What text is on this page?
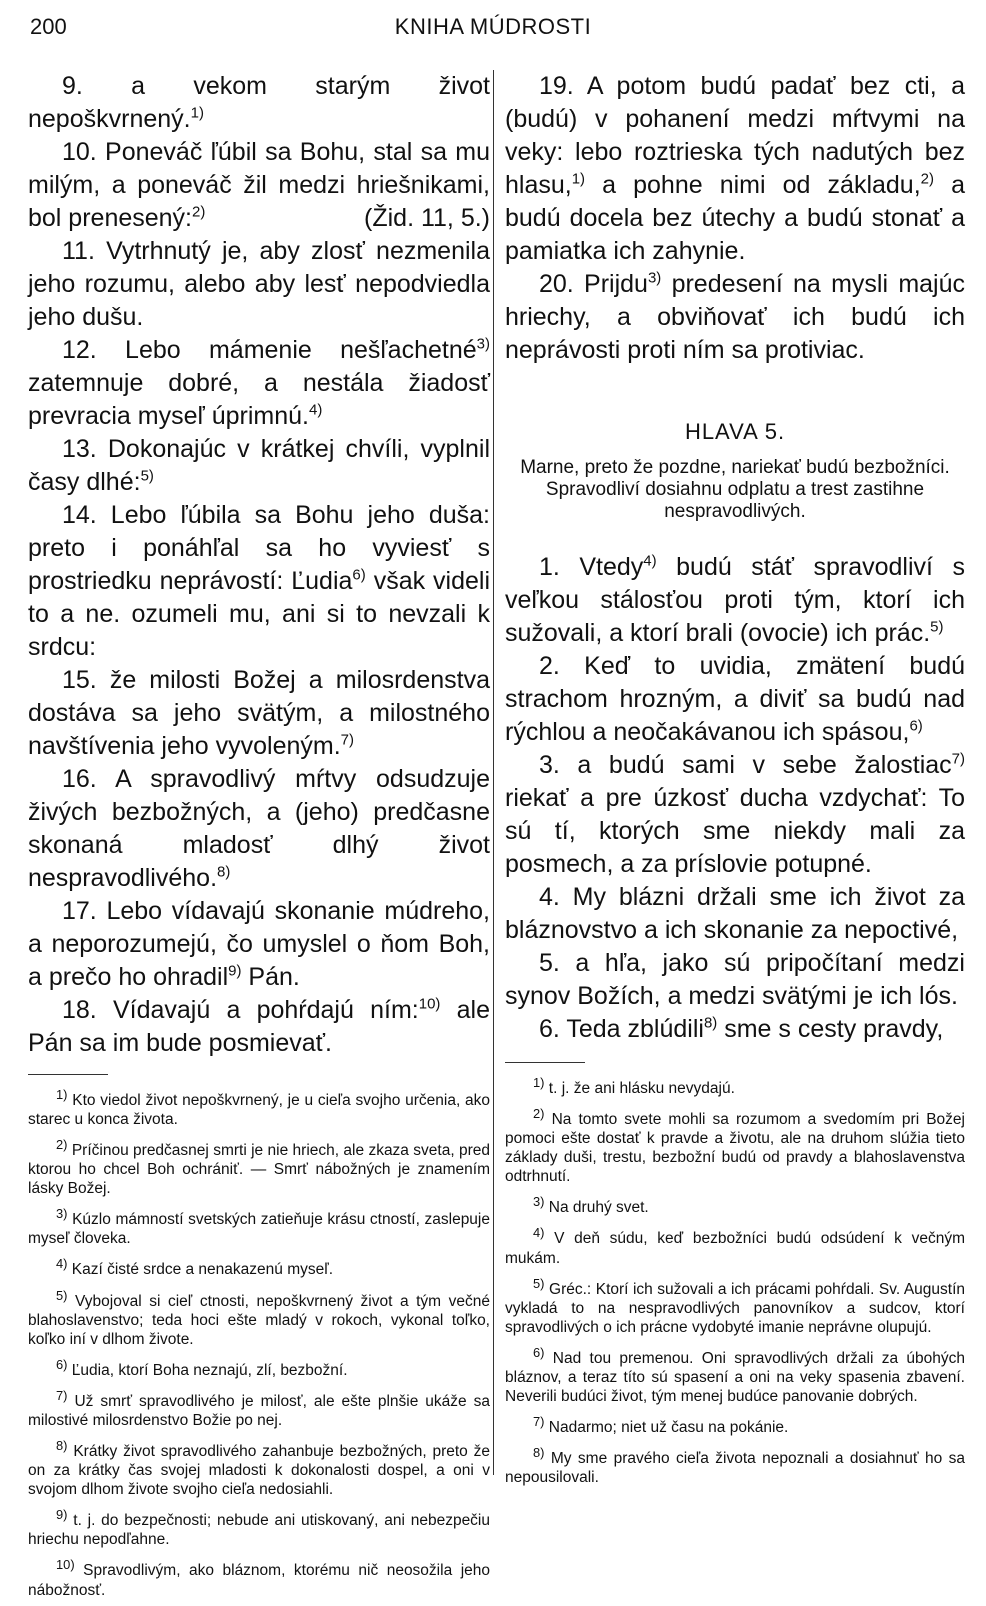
200	KNIHA MÚDROSTI

9. a vekom starým život nepoškvrnený.$^{1)}$

10. Poneváč ľúbil sa Bohu, stal sa mu milým, a poneváč žil medzi hriešnikami, bol prenesený:$^{2)}$	(Žid. 11, 5.)

11. Vytrhnutý je, aby zlosť nezmenila jeho rozumu, alebo aby lesť nepodviedla jeho dušu.

12. Lebo mámenie nešľachetné$^{3)}$ zatemnuje dobré, a nestála žiadosť prevracia myseľ úprimnú.$^{4)}$

13. Dokonajúc v krátkej chvíli, vyplnil časy dlhé:$^{5)}$

14. Lebo ľúbila sa Bohu jeho duša: preto i ponáhľal sa ho vyviesť s prostriedku neprávostí: Ľudia$^{6)}$ však videli to a ne. ozumeli mu, ani si to nevzali k srdcu:

15. že milosti Božej a milosrdenstva dostáva sa jeho svätým, a milostného navštívenia jeho vyvoleným.$^{7)}$

16. A spravodlivý mŕtvy odsudzuje živých bezbožných, a (jeho) predčasne skonaná mladosť dlhý život nespravodlivého.$^{8)}$

17. Lebo vídavajú skonanie múdreho, a neporozumejú, čo umyslel o ňom Boh, a prečo ho ohradil$^{9)}$ Pán.

18. Vídavajú a pohŕdajú ním:$^{10)}$ ale Pán sa im bude posmievať.

$^{1)}$ Kto viedol život nepoškvrnený, je u cieľa svojho určenia, ako starec u konca života.

$^{2)}$ Príčinou predčasnej smrti je nie hriech, ale zkaza sveta, pred ktorou ho chcel Boh ochrániť. — Smrť nábožných je znamením lásky Božej.

$^{3)}$ Kúzlo mámností svetských zatieňuje krásu ctností, zaslepuje myseľ človeka.

$^{4)}$ Kazí čisté srdce a nenakazenú myseľ.

$^{5)}$ Vybojoval si cieľ ctnosti, nepoškvrnený život a tým večné blahoslavenstvo; teda hoci ešte mladý v rokoch, vykonal toľko, koľko iní v dlhom živote.

$^{6)}$ Ľudia, ktorí Boha neznajú, zlí, bezbožní.

$^{7)}$ Už smrť spravodlivého je milosť, ale ešte plnšie ukáže sa milostivé milosrdenstvo Božie po nej.

$^{8)}$ Krátky život spravodlivého zahanbuje bezbožných, preto že on za krátky čas svojej mladosti k dokonalosti dospel, a oni v svojom dlhom živote svojho cieľa nedosiahli.

$^{9)}$ t. j. do bezpečnosti; nebude ani utiskovaný, ani nebezpečiu hriechu nepodľahne.

$^{10)}$ Spravodlivým, ako bláznom, ktorému nič neosožila jeho nábožnosť.

19. A potom budú padať bez cti, a (budú) v pohanení medzi mŕtvymi na veky: lebo roztrieska tých nadutých bez hlasu,$^{1)}$ a pohne nimi od základu,$^{2)}$ a budú docela bez útechy a budú stonať a pamiatka ich zahynie.

20. Prijdu$^{3)}$ predesení na mysli majúc hriechy, a obviňovať ich budú ich neprávosti proti ním sa protiviac.

HLAVA 5.
Marne, preto že pozdne, nariekať budú bezbožníci. Spravodliví dosiahnu odplatu a trest zastihne nespravodlivých.

1. Vtedy$^{4)}$ budú stáť spravodliví s veľkou stálosťou proti tým, ktorí ich sužovali, a ktorí brali (ovocie) ich prác.$^{5)}$

2. Keď to uvidia, zmätení budú strachom hrozným, a diviť sa budú nad rýchlou a neočakávanou ich spásou,$^{6)}$

3. a budú sami v sebe žalostiac$^{7)}$ riekať a pre úzkosť ducha vzdychať: To sú tí, ktorých sme niekdy mali za posmech, a za príslovie potupné.

4. My blázni držali sme ich život za bláznovstvo a ich skonanie za nepoctivé,

5. a hľa, jako sú pripočítaní medzi synov Božích, a medzi svätými je ich lós.

6. Teda zblúdili$^{8)}$ sme s cesty pravdy,

$^{1)}$ t. j. že ani hlásku nevydajú.

$^{2)}$ Na tomto svete mohli sa rozumom a svedomím pri Božej pomoci ešte dostať k pravde a životu, ale na druhom slúžia tieto základy duši, trestu, bezbožní budú od pravdy a blahoslavenstva odtrhnutí.

$^{3)}$ Na druhý svet.

$^{4)}$ V deň súdu, keď bezbožníci budú odsúdení k večným mukám.

$^{5)}$ Gréc.: Ktorí ich sužovali a ich prácami pohŕdali. Sv. Augustín vykladá to na nespravodlivých panovníkov a sudcov, ktorí spravodlivých o ich prácne vydobyté imanie neprávne olupujú.

$^{6)}$ Nad tou premenou. Oni spravodlivých držali za úbohých bláznov, a teraz títo sú spasení a oni na veky spasenia zbavení. Neverili budúci život, tým menej budúce panovanie dobrých.

$^{7)}$ Nadarmo; niet už času na pokánie.

$^{8)}$ My sme pravého cieľa života nepoznali a dosiahnuť ho sa nepousilovali.
